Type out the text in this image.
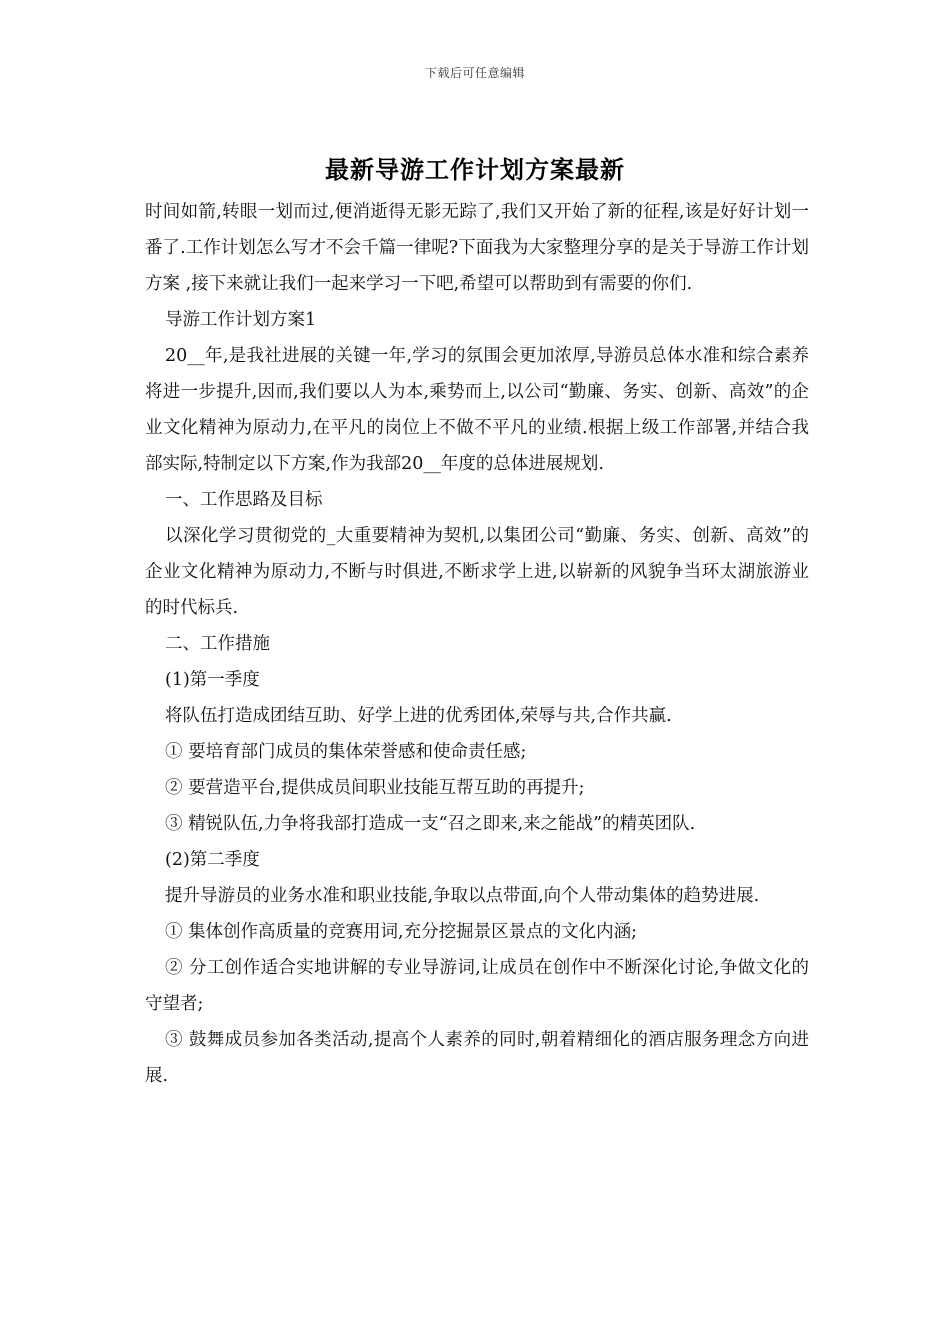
下载后可任意编辑
最新导游工作计划方案最新

时间如箭,转眼一划而过,便消逝得无影无踪了,我们又开始了新的征程,该是好好计划一番了.工作计划怎么写才不会千篇一律呢?下面我为大家整理分享的是关于导游工作计划方案 ,接下来就让我们一起来学习一下吧,希望可以帮助到有需要的你们.

导游工作计划方案1

20__年,是我社进展的关键一年,学习的氛围会更加浓厚,导游员总体水准和综合素养将进一步提升,因而,我们要以人为本,乘势而上,以公司“勤廉、务实、创新、高效”的企业文化精神为原动力,在平凡的岗位上不做不平凡的业绩.根据上级工作部署,并结合我部实际,特制定以下方案,作为我部20__年度的总体进展规划.

一、工作思路及目标

以深化学习贯彻党的_大重要精神为契机,以集团公司“勤廉、务实、创新、高效”的企业文化精神为原动力,不断与时俱进,不断求学上进,以崭新的风貌争当环太湖旅游业的时代标兵.

二、工作措施

(1)第一季度

将队伍打造成团结互助、好学上进的优秀团体,荣辱与共,合作共赢.

① 要培育部门成员的集体荣誉感和使命责任感;

② 要营造平台,提供成员间职业技能互帮互助的再提升;

③ 精锐队伍,力争将我部打造成一支“召之即来,来之能战”的精英团队.

(2)第二季度

提升导游员的业务水准和职业技能,争取以点带面,向个人带动集体的趋势进展.

① 集体创作高质量的竞赛用词,充分挖掘景区景点的文化内涵;

② 分工创作适合实地讲解的专业导游词,让成员在创作中不断深化讨论,争做文化的守望者;

③ 鼓舞成员参加各类活动,提高个人素养的同时,朝着精细化的酒店服务理念方向进展.
